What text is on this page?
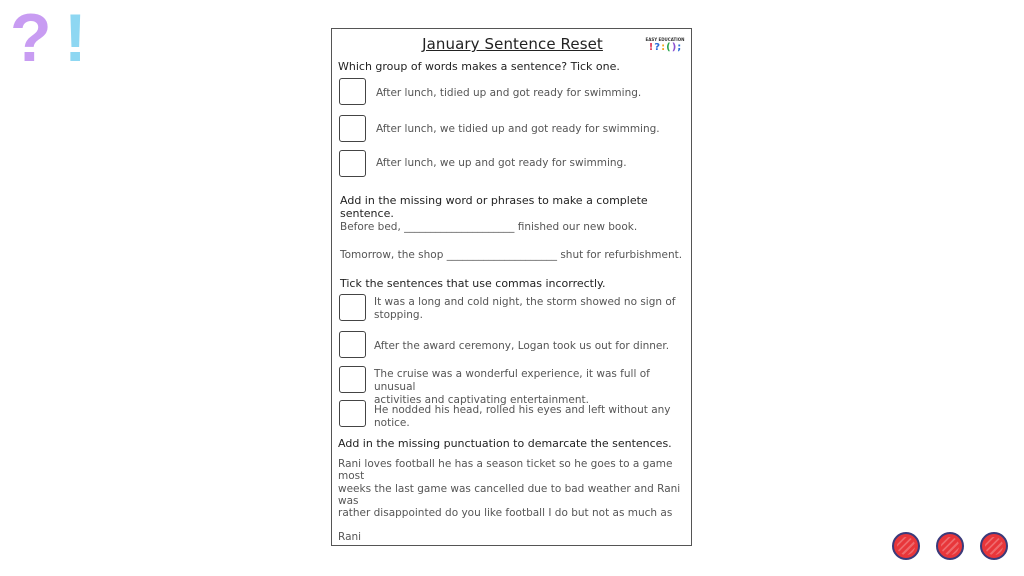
? !	January Sentence Reset	EASY EDUCATION
! ? : ( ) ;
Which group of words makes a sentence? Tick one.
After lunch, tidied up and got ready for swimming.
After lunch, we tidied up and got ready for swimming.
After lunch, we up and got ready for swimming.
Add in the missing word or phrases to make a complete sentence.
Before bed, _____________________ finished our new book.
Tomorrow, the shop _____________________ shut for refurbishment.
Tick the sentences that use commas incorrectly.
It was a long and cold night, the storm showed no sign of
stopping.
After the award ceremony, Logan took us out for dinner.
The cruise was a wonderful experience, it was full of unusual
activities and captivating entertainment.
He nodded his head, rolled his eyes and left without any
notice.
Add in the missing punctuation to demarcate the sentences.
Rani loves football he has a season ticket so he goes to a game most
weeks the last game was cancelled due to bad weather and Rani was
rather disappointed do you like football I do but not as much as
Rani
